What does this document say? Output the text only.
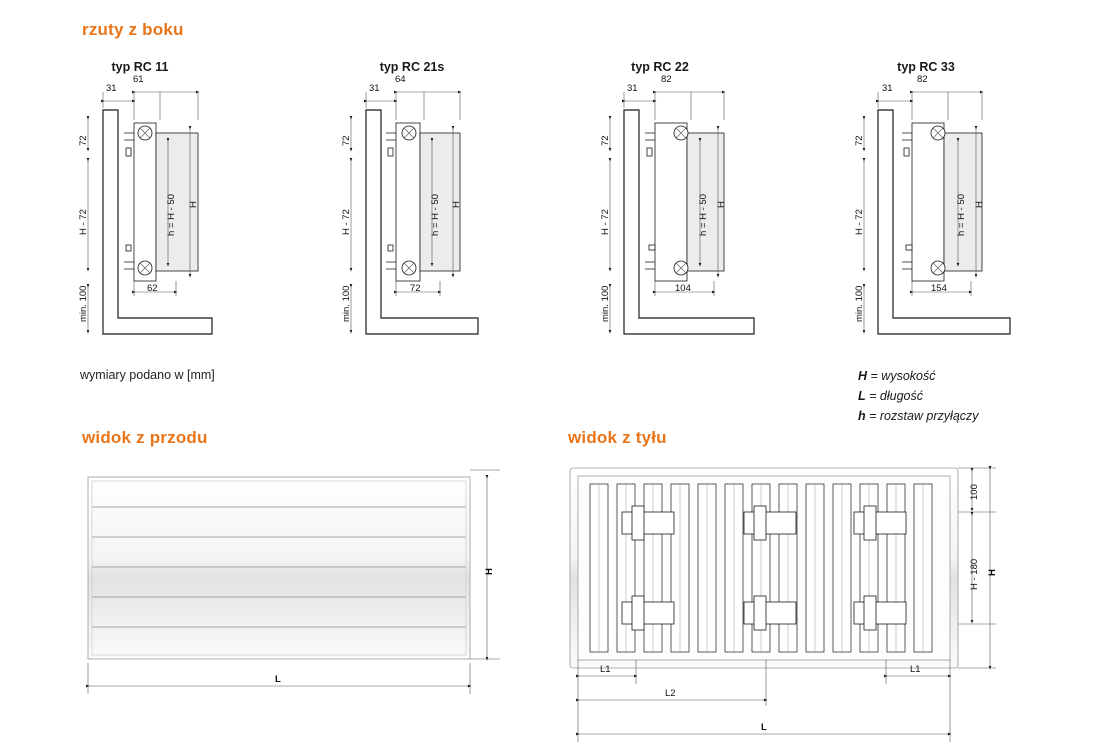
rzuty z boku
widok z przodu	widok z tyłu
typ RC 11	typ RC 21s	typ RC 22	typ RC 33
wymiary podano w [mm]	H = wysokość
L = długość
h = rozstaw przyłączy
31
61
72
H - 72
min. 100
h = H - 50 H
62
31
64
72
H - 72
min. 100
h = H - 50 H
72
31
82
72
H - 72
min. 100
h = H - 50 H
104
31
82
72
H - 72
min. 100
h = H - 50 H
154
H
L
100
H - 180 H
L1	L1
L2
L
